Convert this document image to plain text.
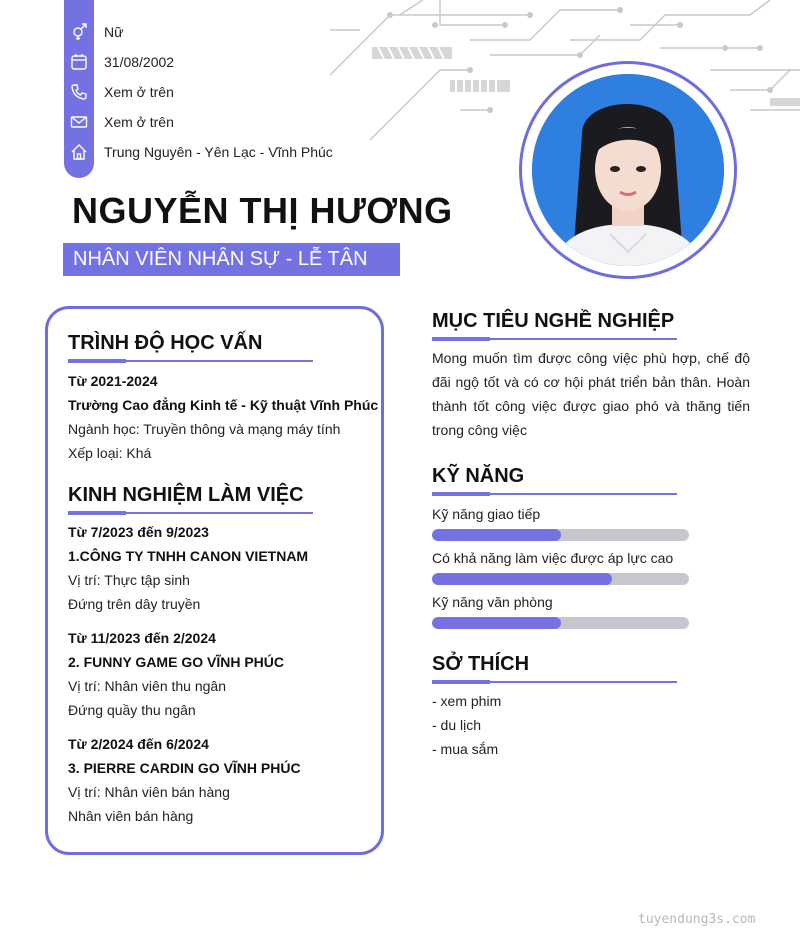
Nữ
31/08/2002
Xem ở trên
Xem ở trên
Trung Nguyên - Yên Lạc - Vĩnh Phúc
NGUYỄN THỊ HƯƠNG
NHÂN VIÊN NHÂN SỰ - LỄ TÂN
TRÌNH ĐỘ HỌC VẤN
Từ 2021-2024
Trường Cao đẳng Kinh tế - Kỹ thuật Vĩnh Phúc
Ngành học: Truyền thông và mạng máy tính
Xếp loại: Khá
KINH NGHIỆM LÀM VIỆC
Từ 7/2023 đến 9/2023
1.CÔNG TY TNHH CANON VIETNAM
Vị trí: Thực tập sinh
Đứng trên dây truyền
Từ 11/2023 đến 2/2024
2. FUNNY GAME GO VĨNH PHÚC
Vị trí: Nhân viên thu ngân
Đứng quầy thu ngân
Từ 2/2024 đến 6/2024
3. PIERRE CARDIN GO VĨNH PHÚC
Vị trí: Nhân viên bán hàng
Nhân viên bán hàng
MỤC TIÊU NGHỀ NGHIỆP
Mong muốn tìm được công việc phù hợp, chế độ đãi ngộ tốt và có cơ hội phát triển bản thân. Hoàn thành tốt công việc được giao phó và thăng tiến trong công việc
KỸ NĂNG
Kỹ năng giao tiếp
Có khả năng làm việc được áp lực cao
Kỹ năng văn phòng
SỞ THÍCH
- xem phim
- du lịch
- mua sắm
tuyendung3s.com
